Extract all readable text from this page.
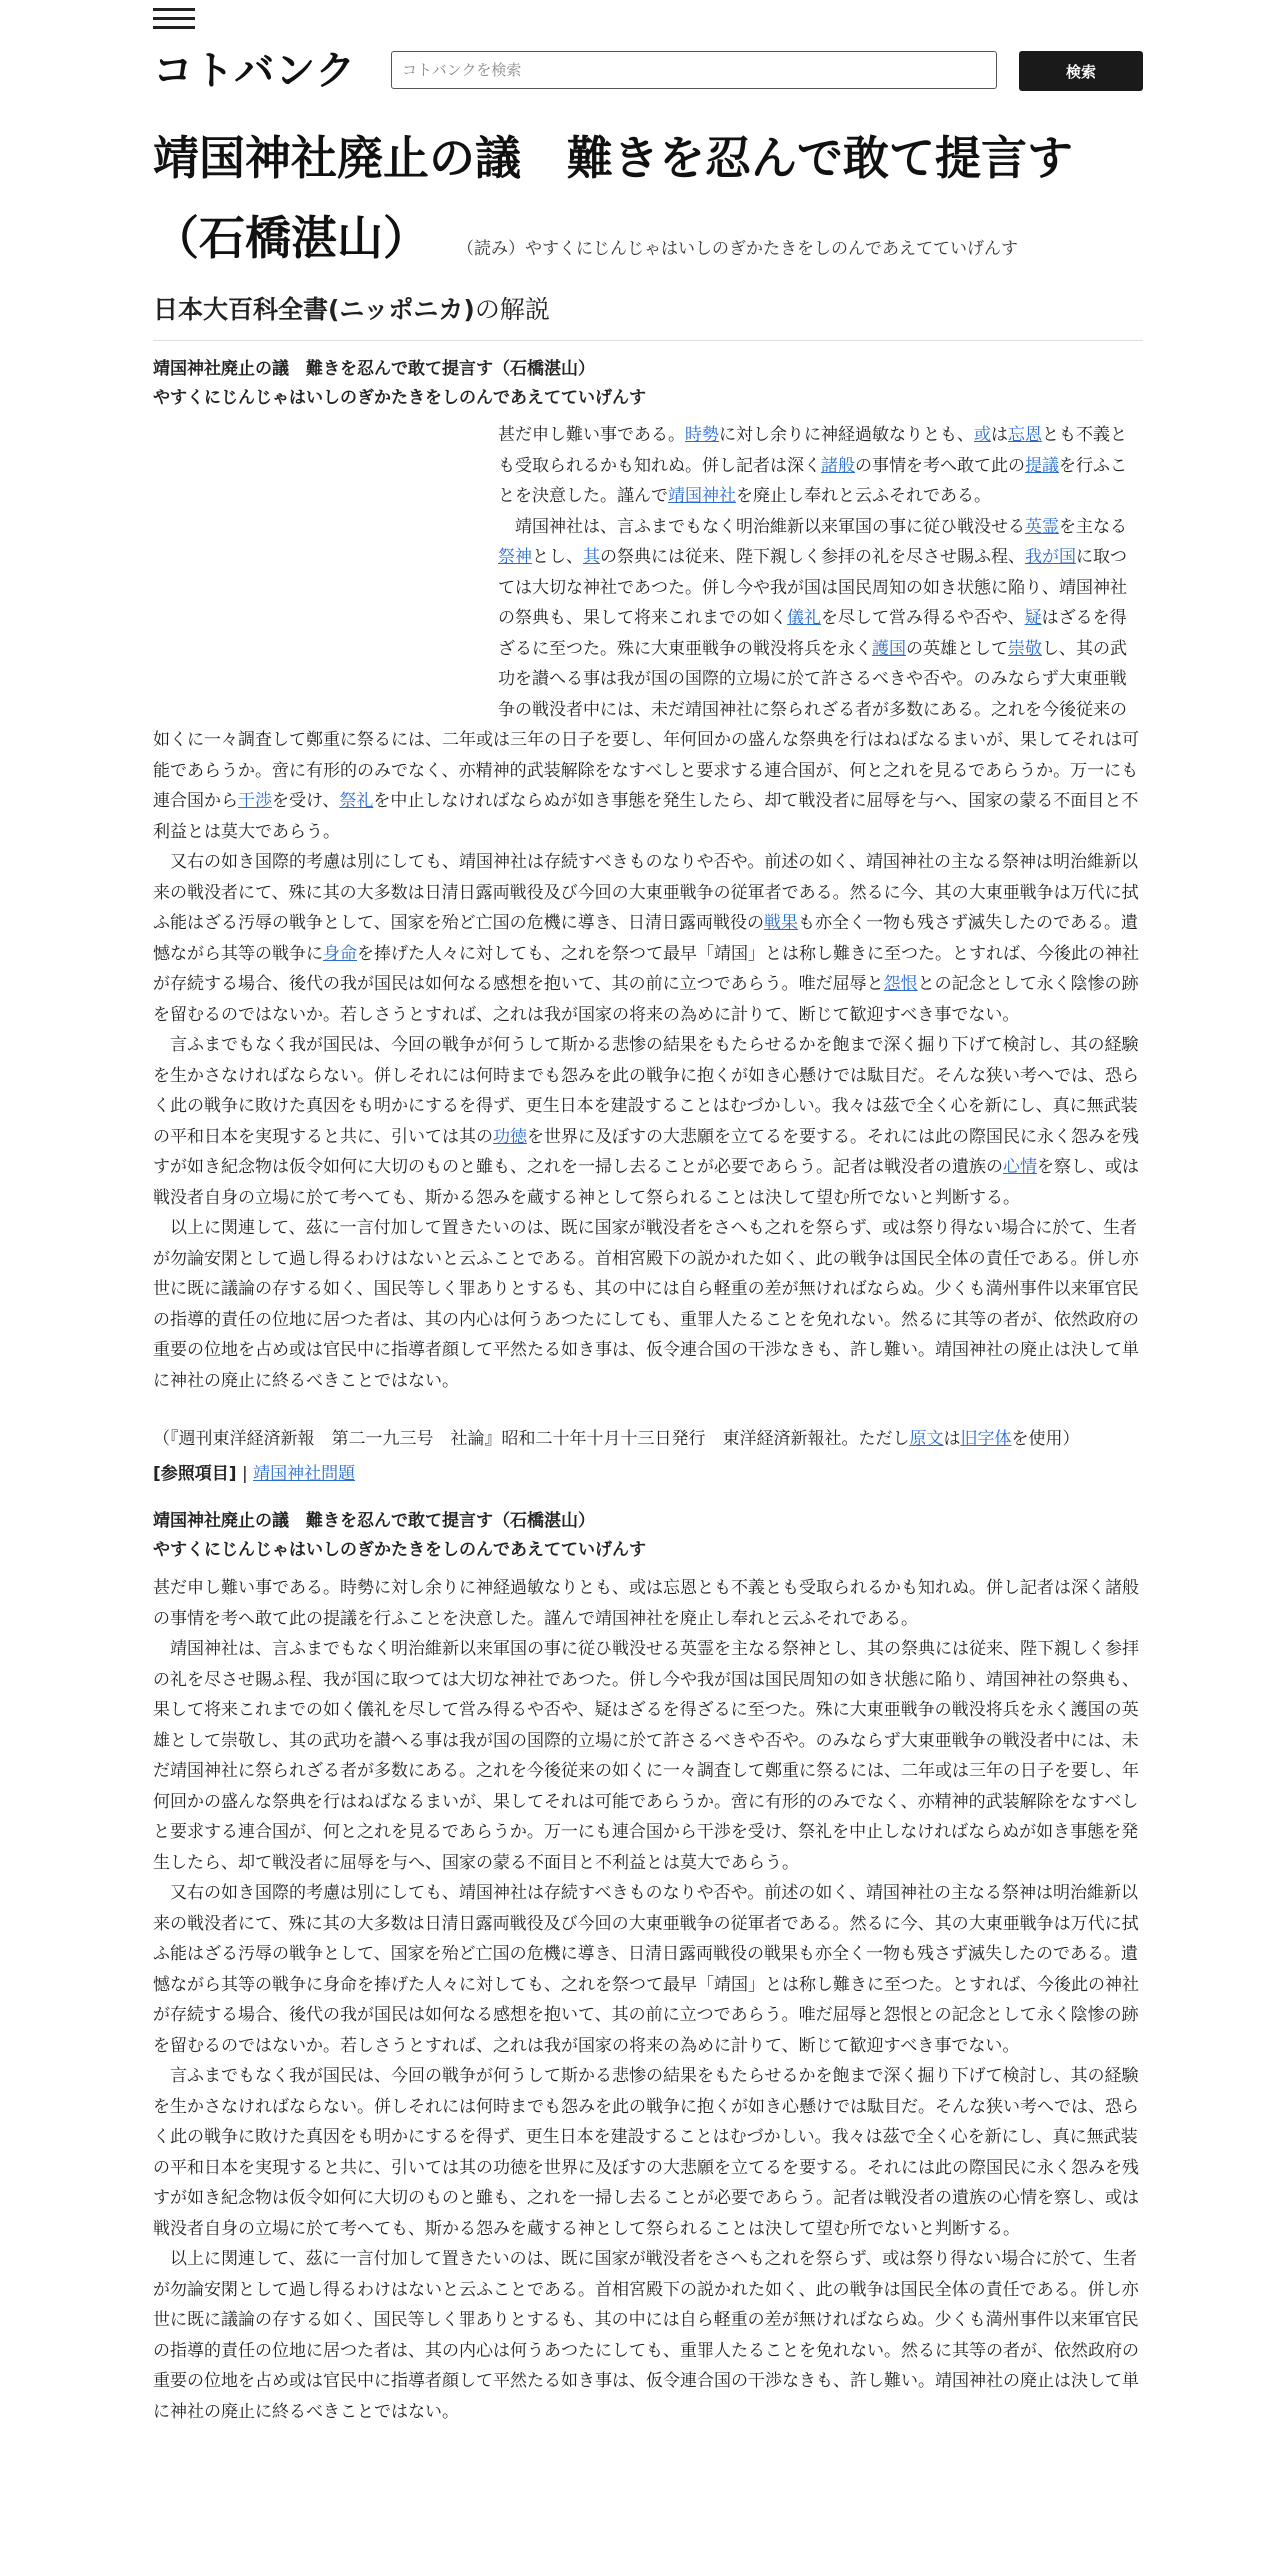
コトバンク
コトバンクを検索	検索
靖国神社廃止の議　難きを忍んで敢て提言す
（石橋湛山） （読み）やすくにじんじゃはいしのぎかたきをしのんであえてていげんす
日本大百科全書(ニッポニカ)の解説
靖国神社廃止の議　難きを忍んで敢て提言す（石橋湛山）
やすくにじんじゃはいしのぎかたきをしのんであえてていげんす

甚だ申し難い事である。時勢に対し余りに神経過敏なりとも、或は忘恩とも不義とも受取られるかも知れぬ。併し記者は深く諸般の事情を考へ敢て此の提議を行ふことを決意した。謹んで靖国神社を廃止し奉れと云ふそれである。

靖国神社は、言ふまでもなく明治維新以来軍国の事に従ひ戦没せる英霊を主なる祭神とし、其の祭典には従来、陛下親しく参拝の礼を尽させ賜ふ程、我が国に取つては大切な神社であつた。併し今や我が国は国民周知の如き状態に陥り、靖国神社の祭典も、果して将来これまでの如く儀礼を尽して営み得るや否や、疑はざるを得ざるに至つた。殊に大東亜戦争の戦没将兵を永く護国の英雄として崇敬し、其の武功を讃へる事は我が国の国際的立場に於て許さるべきや否や。のみならず大東亜戦争の戦没者中には、未だ靖国神社に祭られざる者が多数にある。之れを今後従来の如くに一々調査して鄭重に祭るには、二年或は三年の日子を要し、年何回かの盛んな祭典を行はねばなるまいが、果してそれは可能であらうか。啻に有形的のみでなく、亦精神的武装解除をなすべしと要求する連合国が、何と之れを見るであらうか。万一にも連合国から干渉を受け、祭礼を中止しなければならぬが如き事態を発生したら、却て戦没者に屈辱を与へ、国家の蒙る不面目と不利益とは莫大であらう。

又右の如き国際的考慮は別にしても、靖国神社は存続すべきものなりや否や。前述の如く、靖国神社の主なる祭神は明治維新以来の戦没者にて、殊に其の大多数は日清日露両戦役及び今回の大東亜戦争の従軍者である。然るに今、其の大東亜戦争は万代に拭ふ能はざる汚辱の戦争として、国家を殆ど亡国の危機に導き、日清日露両戦役の戦果も亦全く一物も残さず滅失したのである。遺憾ながら其等の戦争に身命を捧げた人々に対しても、之れを祭つて最早「靖国」とは称し難きに至つた。とすれば、今後此の神社が存続する場合、後代の我が国民は如何なる感想を抱いて、其の前に立つであらう。唯だ屈辱と怨恨との記念として永く陰惨の跡を留むるのではないか。若しさうとすれば、之れは我が国家の将来の為めに計りて、断じて歓迎すべき事でない。

言ふまでもなく我が国民は、今回の戦争が何うして斯かる悲惨の結果をもたらせるかを飽まで深く掘り下げて検討し、其の経験を生かさなければならない。併しそれには何時までも怨みを此の戦争に抱くが如き心懸けでは駄目だ。そんな狭い考へでは、恐らく此の戦争に敗けた真因をも明かにするを得ず、更生日本を建設することはむづかしい。我々は茲で全く心を新にし、真に無武装の平和日本を実現すると共に、引いては其の功徳を世界に及ぼすの大悲願を立てるを要する。それには此の際国民に永く怨みを残すが如き紀念物は仮令如何に大切のものと雖も、之れを一掃し去ることが必要であらう。記者は戦没者の遺族の心情を察し、或は戦没者自身の立場に於て考へても、斯かる怨みを蔵する神として祭られることは決して望む所でないと判断する。

以上に関連して、茲に一言付加して置きたいのは、既に国家が戦没者をさへも之れを祭らず、或は祭り得ない場合に於て、生者が勿論安閑として過し得るわけはないと云ふことである。首相宮殿下の説かれた如く、此の戦争は国民全体の責任である。併し亦世に既に議論の存する如く、国民等しく罪ありとするも、其の中には自ら軽重の差が無ければならぬ。少くも満州事件以来軍官民の指導的責任の位地に居つた者は、其の内心は何うあつたにしても、重罪人たることを免れない。然るに其等の者が、依然政府の重要の位地を占め或は官民中に指導者顔して平然たる如き事は、仮令連合国の干渉なきも、許し難い。靖国神社の廃止は決して単に神社の廃止に終るべきことではない。

（『週刊東洋経済新報　第二一九三号　社論』昭和二十年十月十三日発行　東洋経済新報社。ただし原文は旧字体を使用）

[参照項目] | 靖国神社問題

靖国神社廃止の議　難きを忍んで敢て提言す（石橋湛山）
やすくにじんじゃはいしのぎかたきをしのんであえてていげんす

甚だ申し難い事である。時勢に対し余りに神経過敏なりとも、或は忘恩とも不義とも受取られるかも知れぬ。併し記者は深く諸般の事情を考へ敢て此の提議を行ふことを決意した。謹んで靖国神社を廃止し奉れと云ふそれである。

靖国神社は、言ふまでもなく明治維新以来軍国の事に従ひ戦没せる英霊を主なる祭神とし、其の祭典には従来、陛下親しく参拝の礼を尽させ賜ふ程、我が国に取つては大切な神社であつた。併し今や我が国は国民周知の如き状態に陥り、靖国神社の祭典も、果して将来これまでの如く儀礼を尽して営み得るや否や、疑はざるを得ざるに至つた。殊に大東亜戦争の戦没将兵を永く護国の英雄として崇敬し、其の武功を讃へる事は我が国の国際的立場に於て許さるべきや否や。のみならず大東亜戦争の戦没者中には、未だ靖国神社に祭られざる者が多数にある。之れを今後従来の如くに一々調査して鄭重に祭るには、二年或は三年の日子を要し、年何回かの盛んな祭典を行はねばなるまいが、果してそれは可能であらうか。啻に有形的のみでなく、亦精神的武装解除をなすべしと要求する連合国が、何と之れを見るであらうか。万一にも連合国から干渉を受け、祭礼を中止しなければならぬが如き事態を発生したら、却て戦没者に屈辱を与へ、国家の蒙る不面目と不利益とは莫大であらう。

又右の如き国際的考慮は別にしても、靖国神社は存続すべきものなりや否や。前述の如く、靖国神社の主なる祭神は明治維新以来の戦没者にて、殊に其の大多数は日清日露両戦役及び今回の大東亜戦争の従軍者である。然るに今、其の大東亜戦争は万代に拭ふ能はざる汚辱の戦争として、国家を殆ど亡国の危機に導き、日清日露両戦役の戦果も亦全く一物も残さず滅失したのである。遺憾ながら其等の戦争に身命を捧げた人々に対しても、之れを祭つて最早「靖国」とは称し難きに至つた。とすれば、今後此の神社が存続する場合、後代の我が国民は如何なる感想を抱いて、其の前に立つであらう。唯だ屈辱と怨恨との記念として永く陰惨の跡を留むるのではないか。若しさうとすれば、之れは我が国家の将来の為めに計りて、断じて歓迎すべき事でない。

言ふまでもなく我が国民は、今回の戦争が何うして斯かる悲惨の結果をもたらせるかを飽まで深く掘り下げて検討し、其の経験を生かさなければならない。併しそれには何時までも怨みを此の戦争に抱くが如き心懸けでは駄目だ。そんな狭い考へでは、恐らく此の戦争に敗けた真因をも明かにするを得ず、更生日本を建設することはむづかしい。我々は茲で全く心を新にし、真に無武装の平和日本を実現すると共に、引いては其の功徳を世界に及ぼすの大悲願を立てるを要する。それには此の際国民に永く怨みを残すが如き紀念物は仮令如何に大切のものと雖も、之れを一掃し去ることが必要であらう。記者は戦没者の遺族の心情を察し、或は戦没者自身の立場に於て考へても、斯かる怨みを蔵する神として祭られることは決して望む所でないと判断する。

以上に関連して、茲に一言付加して置きたいのは、既に国家が戦没者をさへも之れを祭らず、或は祭り得ない場合に於て、生者が勿論安閑として過し得るわけはないと云ふことである。首相宮殿下の説かれた如く、此の戦争は国民全体の責任である。併し亦世に既に議論の存する如く、国民等しく罪ありとするも、其の中には自ら軽重の差が無ければならぬ。少くも満州事件以来軍官民の指導的責任の位地に居つた者は、其の内心は何うあつたにしても、重罪人たることを免れない。然るに其等の者が、依然政府の重要の位地を占め或は官民中に指導者顔して平然たる如き事は、仮令連合国の干渉なきも、許し難い。靖国神社の廃止は決して単に神社の廃止に終るべきことではない。
